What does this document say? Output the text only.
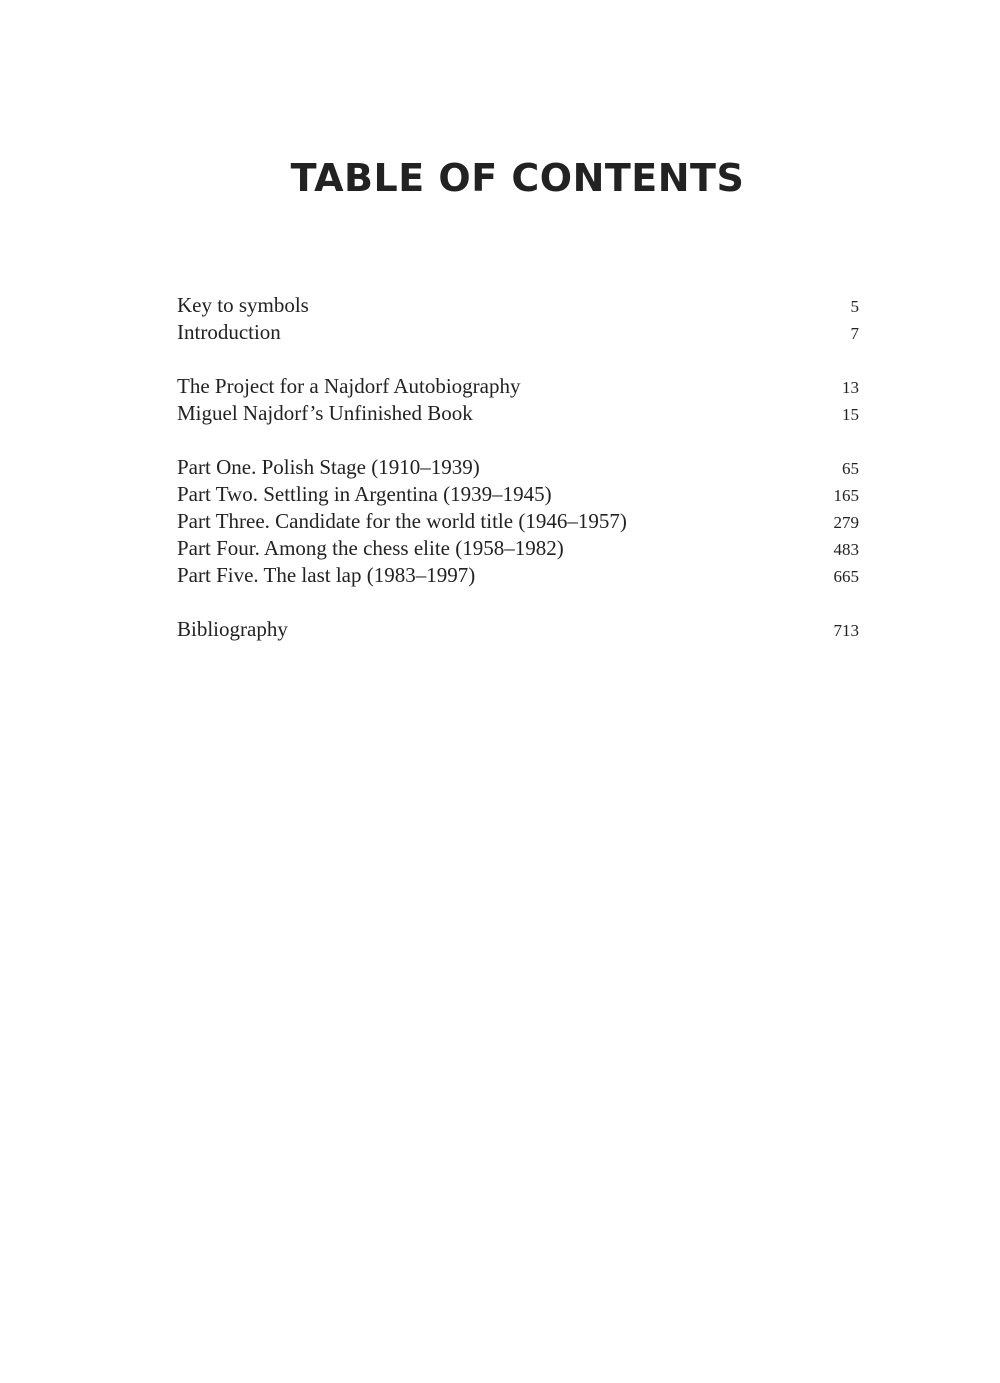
TABLE OF CONTENTS
Key to symbols	5
Introduction	7
The Project for a Najdorf Autobiography	13
Miguel Najdorf’s Unfinished Book	15
Part One. Polish Stage (1910–1939)	65
Part Two. Settling in Argentina (1939–1945)	165
Part Three. Candidate for the world title (1946–1957)	279
Part Four. Among the chess elite (1958–1982)	483
Part Five. The last lap (1983–1997)	665
Bibliography	713
